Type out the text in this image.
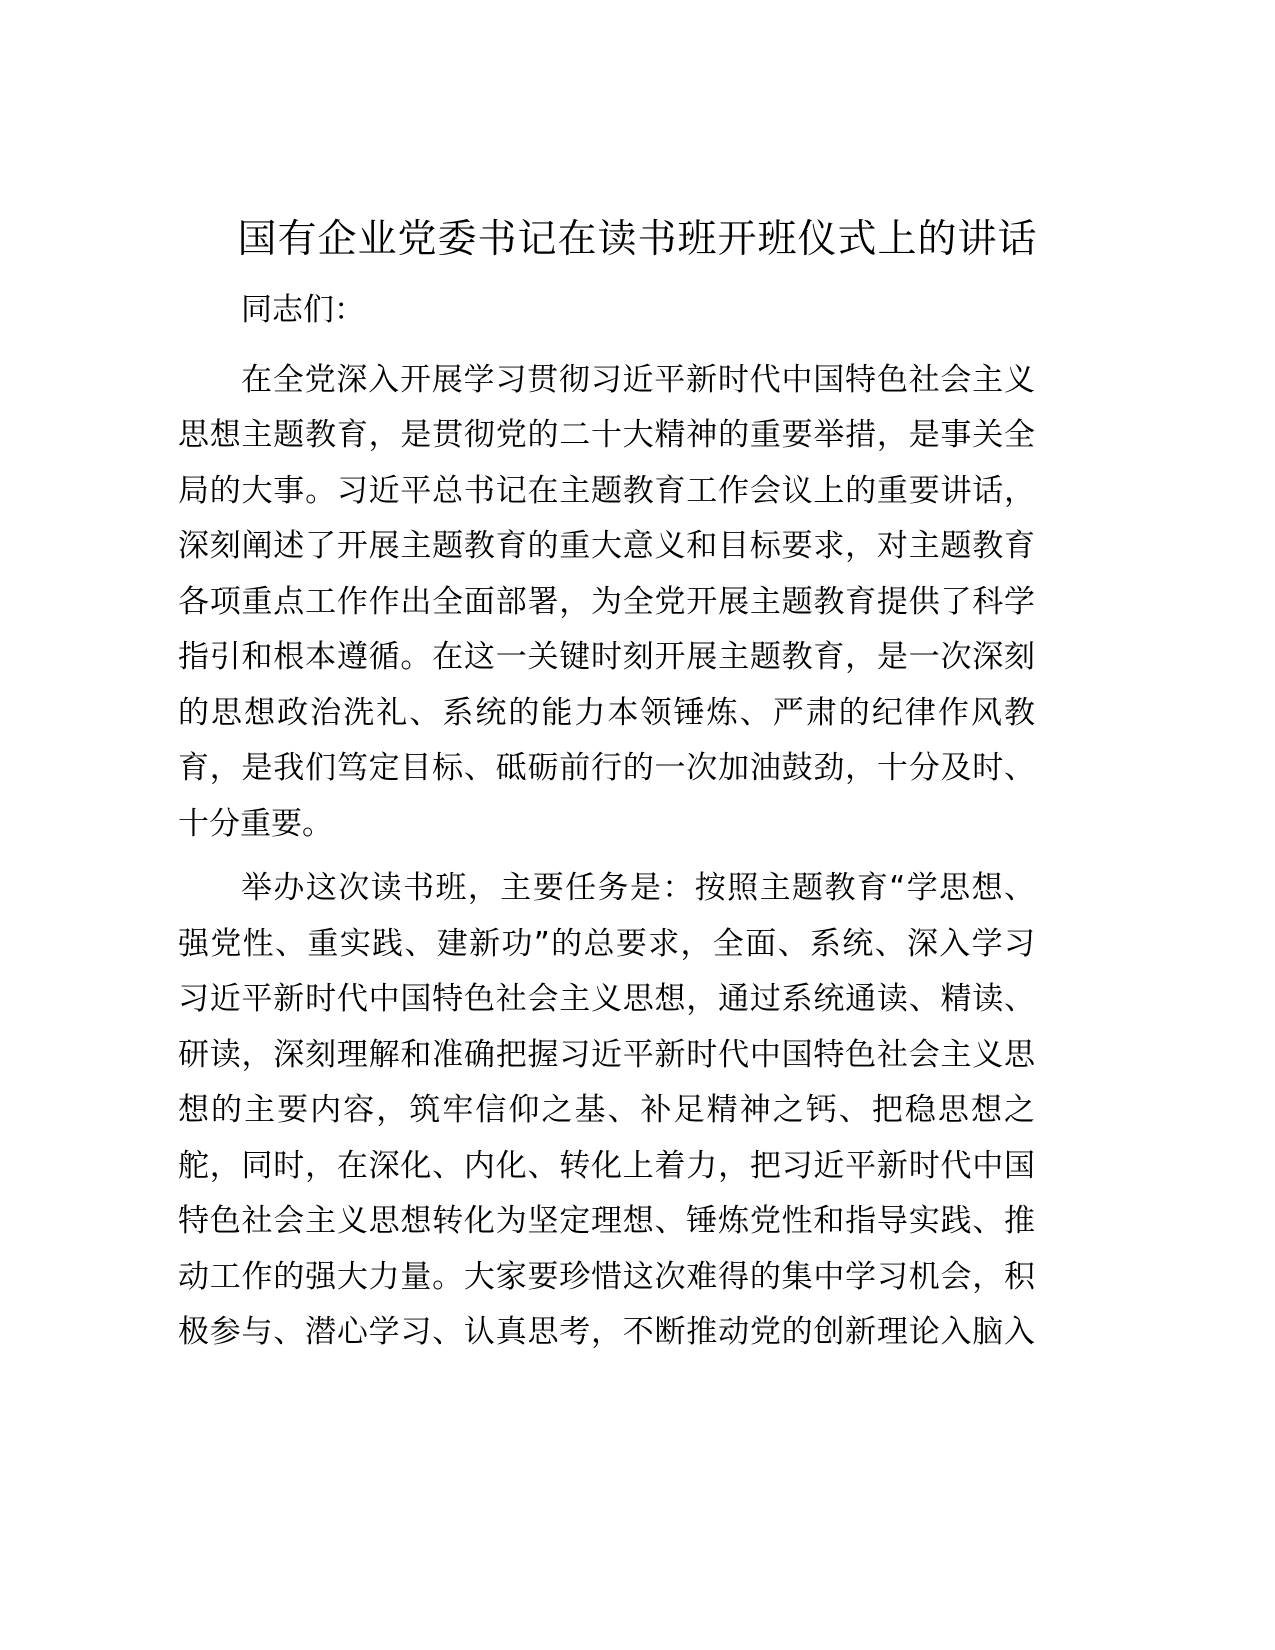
国有企业党委书记在读书班开班仪式上的讲话
同志们：
在全党深入开展学习贯彻习近平新时代中国特色社会主义
思想主题教育，是贯彻党的二十大精神的重要举措，是事关全
局的大事。习近平总书记在主题教育工作会议上的重要讲话，
深刻阐述了开展主题教育的重大意义和目标要求，对主题教育
各项重点工作作出全面部署，为全党开展主题教育提供了科学
指引和根本遵循。在这一关键时刻开展主题教育，是一次深刻
的思想政治洗礼、系统的能力本领锤炼、严肃的纪律作风教
育，是我们笃定目标、砥砺前行的一次加油鼓劲，十分及时、
十分重要。
举办这次读书班，主要任务是：按照主题教育“学思想、
强党性、重实践、建新功”的总要求，全面、系统、深入学习
习近平新时代中国特色社会主义思想，通过系统通读、精读、
研读，深刻理解和准确把握习近平新时代中国特色社会主义思
想的主要内容，筑牢信仰之基、补足精神之钙、把稳思想之
舵，同时，在深化、内化、转化上着力，把习近平新时代中国
特色社会主义思想转化为坚定理想、锤炼党性和指导实践、推
动工作的强大力量。大家要珍惜这次难得的集中学习机会，积
极参与、潜心学习、认真思考，不断推动党的创新理论入脑入
